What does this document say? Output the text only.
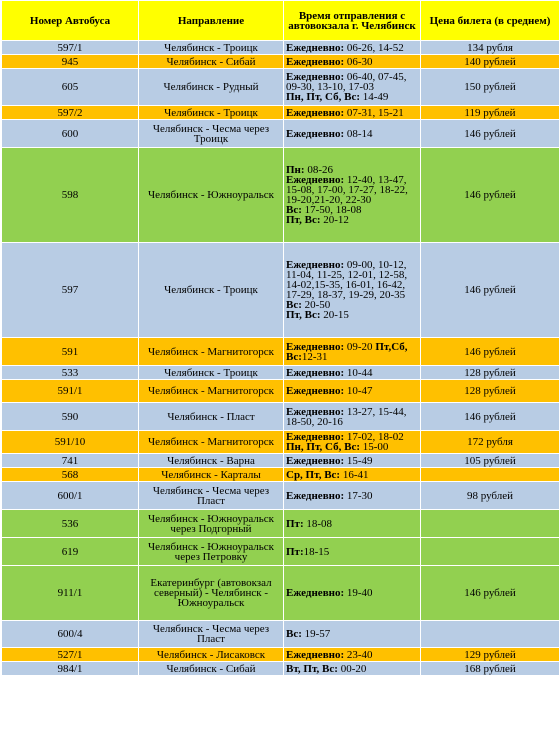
Номер Автобуса	Направление	Время отправления с автовокзала г. Челябинск	Цена билета (в среднем)
597/1	Челябинск - Троицк	Ежедневно: 06-26, 14-52	134 рубля
945	Челябинск - Сибай	Ежедневно: 06-30	140 рублей
605	Челябинск - Рудный	Ежедневно: 06-40, 07-45, 09-30, 13-10, 17-03
Пн, Пт, Сб, Вс: 14-49	150 рублей
597/2	Челябинск - Троицк	Ежедневно: 07-31, 15-21	119 рублей
600	Челябинск - Чесма через Троицк	Ежедневно: 08-14	146 рублей
598	Челябинск - Южноуральск	Пн: 08-26
Ежедневно: 12-40, 13-47, 15-08, 17-00, 17-27, 18-22, 19-20,21-20, 22-30
Вс: 17-50, 18-08
Пт, Вс: 20-12	146 рублей
597	Челябинск - Троицк	Ежедневно: 09-00, 10-12, 11-04, 11-25, 12-01, 12-58, 14-02,15-35, 16-01, 16-42, 17-29, 18-37, 19-29, 20-35
Вс: 20-50
Пт, Вс: 20-15	146 рублей
591	Челябинск - Магнитогорск	Ежедневно: 09-20 Пт,Сб, Вс:12-31	146 рублей
533	Челябинск - Троицк	Ежедневно: 10-44	128 рублей
591/1	Челябинск - Магнитогорск	Ежедневно: 10-47	128 рублей
590	Челябинск - Пласт	Ежедневно: 13-27, 15-44, 18-50, 20-16	146 рублей
591/10	Челябинск - Магнитогорск	Ежедневно: 17-02, 18-02
Пн, Пт, Сб, Вс: 15-00	172 рубля
741	Челябинск - Варна	Ежедневно: 15-49	105 рублей
568	Челябинск - Карталы	Ср, Пт, Вс: 16-41	
600/1	Челябинск - Чесма через Пласт	Ежедневно: 17-30	98 рублей
536	Челябинск - Южноуральск через Подгорный	Пт: 18-08	
619	Челябинск - Южноуральск через Петровку	Пт:18-15	
911/1	Екатеринбург (автовокзал северный) - Челябинск - Южноуральск	Ежедневно: 19-40	146 рублей
600/4	Челябинск - Чесма через Пласт	Вс: 19-57	
527/1	Челябинск - Лисаковск	Ежедневно: 23-40	129 рублей
984/1	Челябинск - Сибай	Вт, Пт, Вс: 00-20	168 рублей
